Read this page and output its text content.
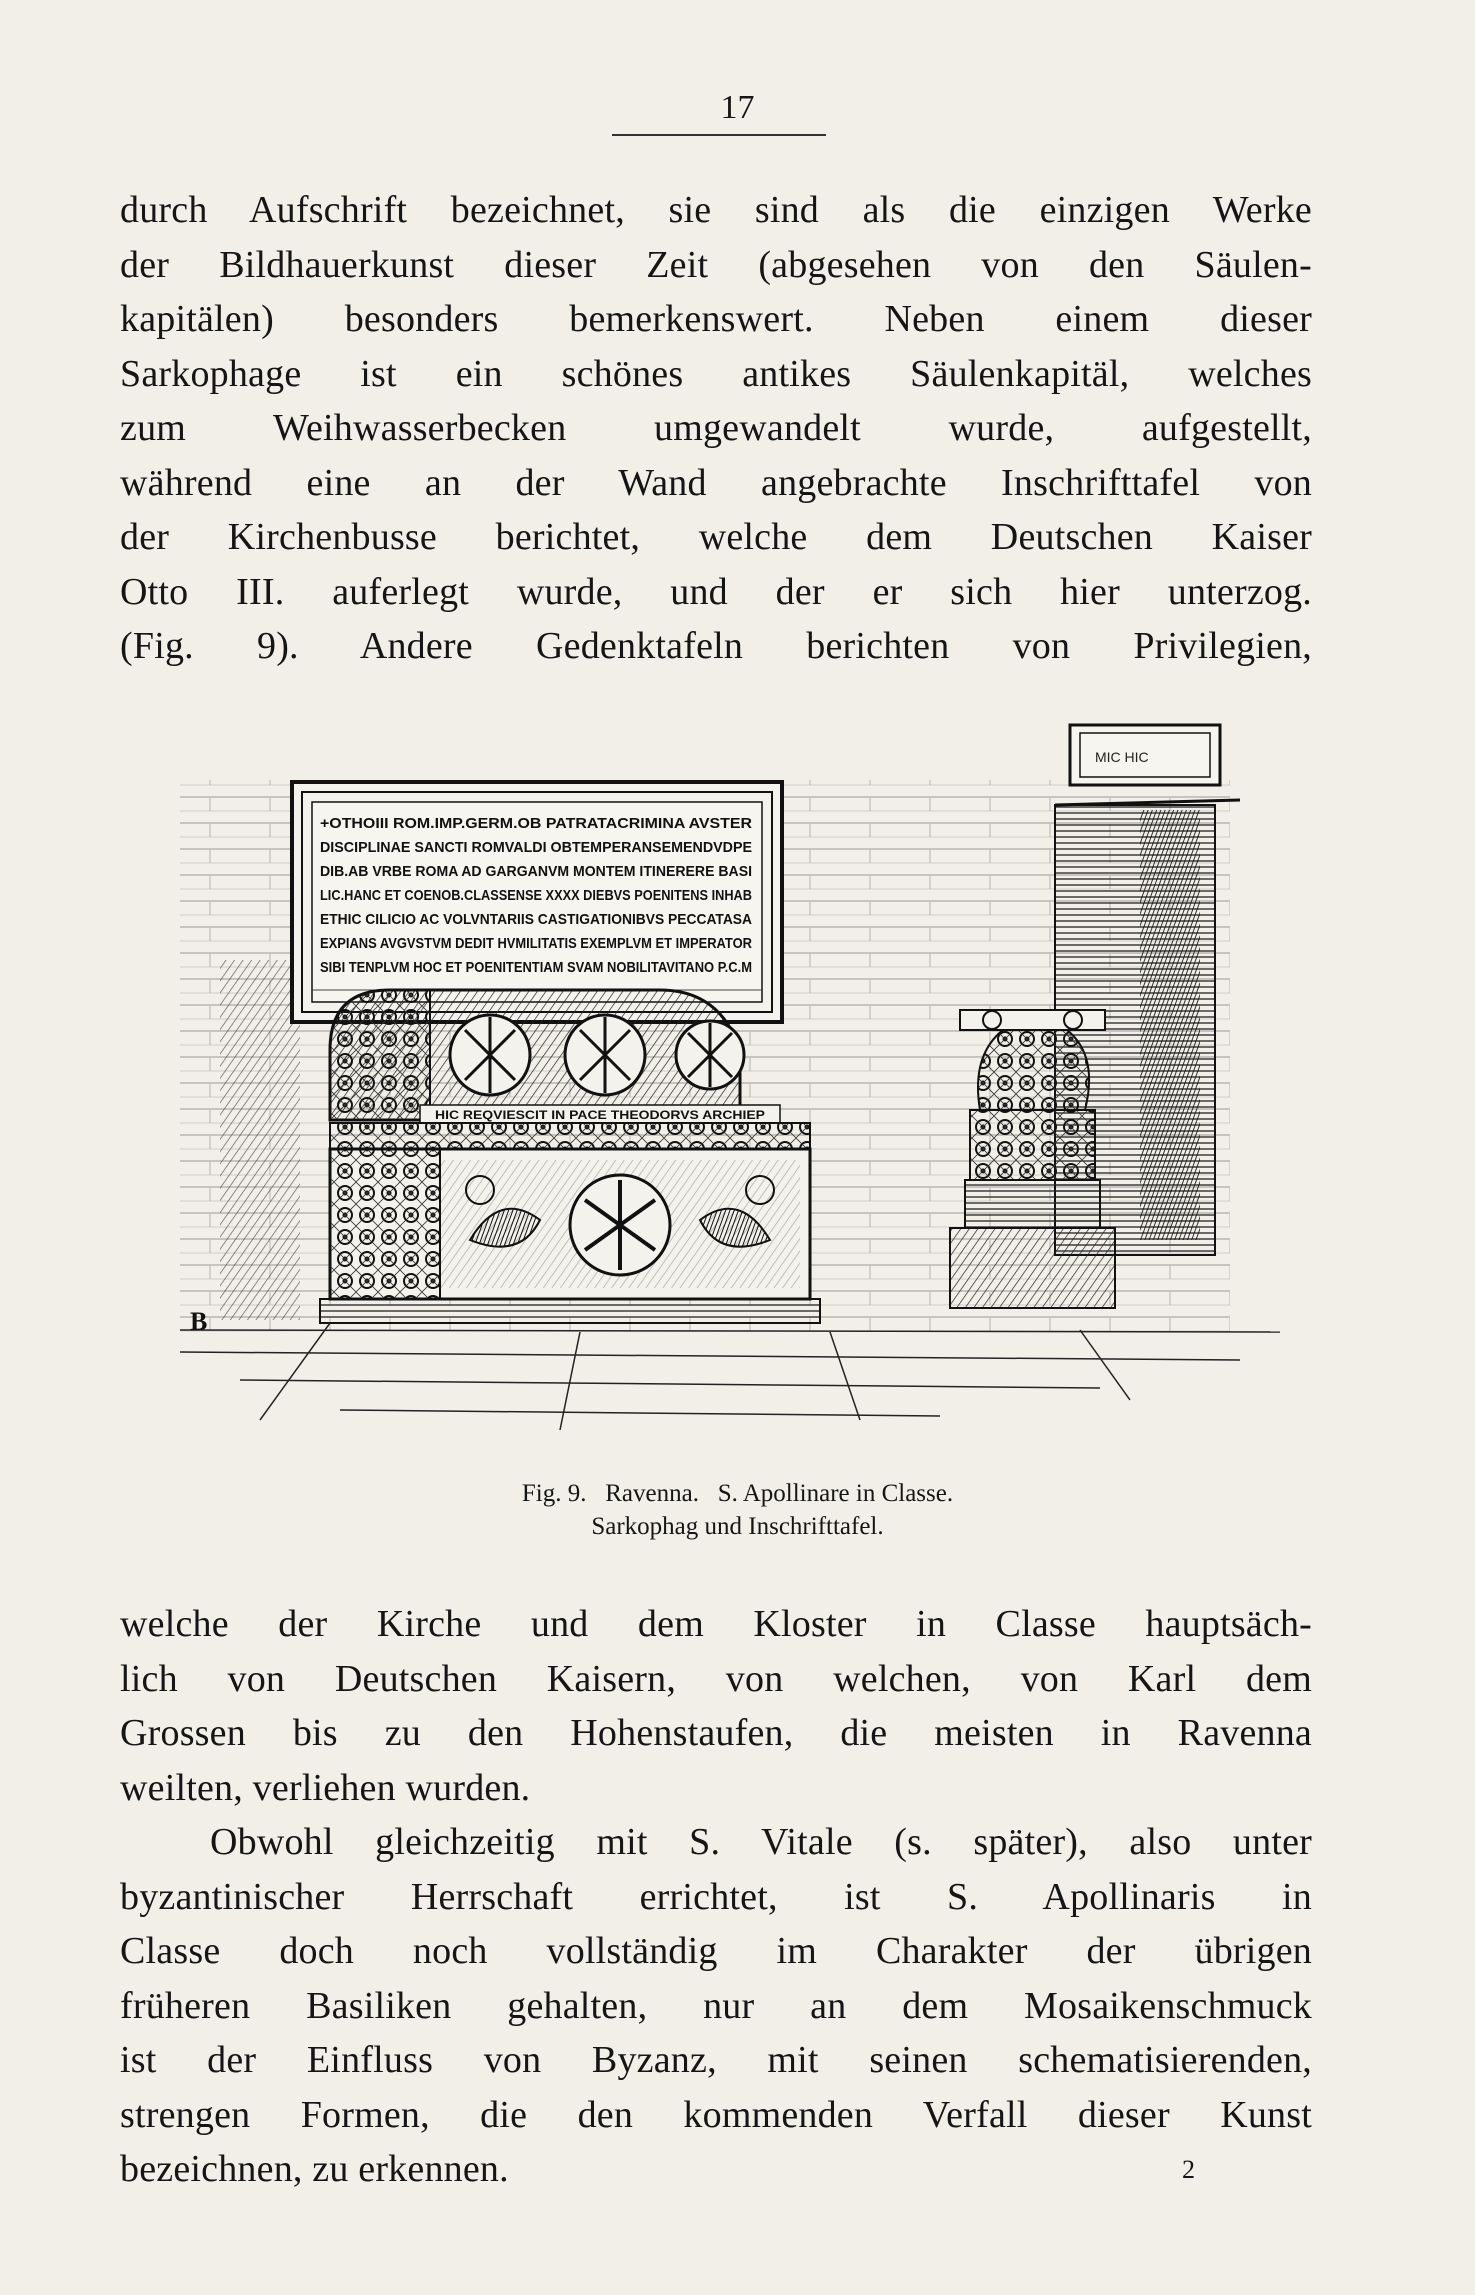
17

durch Aufschrift bezeichnet, sie sind als die einzigen Werke

der Bildhauerkunst dieser Zeit (abgesehen von den Säulen-

kapitälen) besonders bemerkenswert. Neben einem dieser

Sarkophage ist ein schönes antikes Säulenkapitäl, welches

zum Weihwasserbecken umgewandelt wurde, aufgestellt,

während eine an der Wand angebrachte Inschrifttafel von

der Kirchenbusse berichtet, welche dem Deutschen Kaiser

Otto III. auferlegt wurde, und der er sich hier unterzog.

(Fig. 9). Andere Gedenktafeln berichten von Privilegien,

+OTHOIII ROM.IMP.GERM.OB PATRATACRIMINA AVSTER
DISCIPLINAE SANCTI ROMVALDI OBTEMPERANSEMENDVDPE
DIB.AB VRBE ROMA AD GARGANVM MONTEM ITINERERE BASI
LIC.HANC ET COENOB.CLASSENSE XXXX DIEBVS POENITENS INHAB
ETHIC CILICIO AC VOLVNTARIIS CASTIGATIONIBVS PECCATASA
EXPIANS AVGVSTVM DEDIT HVMILITATIS EXEMPLVM ET IMPERATOR
SIBI TENPLVM HOC ET POENITENTIAM SVAM NOBILITAVITANO P.C.M
MIC HIC
HIC REQVIESCIT IN PACE THEODORVS ARCHIEP
B
Fig. 9.   Ravenna.   S. Apollinare in Classe.
Sarkophag und Inschrifttafel.

welche der Kirche und dem Kloster in Classe hauptsäch-

lich von Deutschen Kaisern, von welchen, von Karl dem

Grossen bis zu den Hohenstaufen, die meisten in Ravenna

weilten, verliehen wurden.

Obwohl gleichzeitig mit S. Vitale (s. später), also unter

byzantinischer Herrschaft errichtet, ist S. Apollinaris in

Classe doch noch vollständig im Charakter der übrigen

früheren Basiliken gehalten, nur an dem Mosaikenschmuck

ist der Einfluss von Byzanz, mit seinen schematisierenden,

strengen Formen, die den kommenden Verfall dieser Kunst

bezeichnen, zu erkennen.	2
